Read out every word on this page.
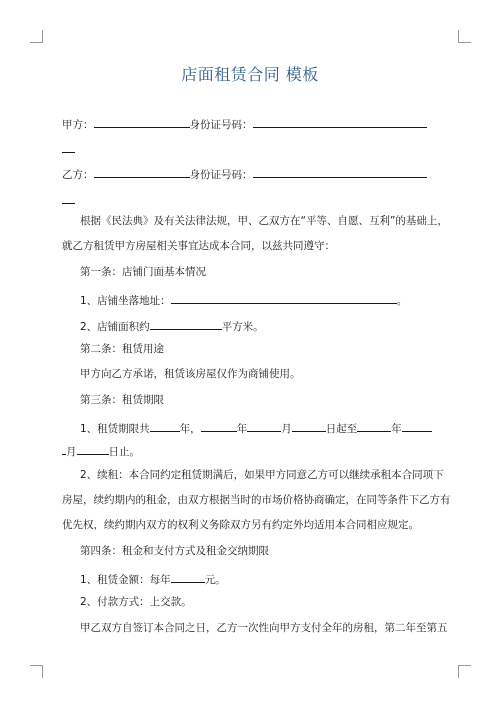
店面租赁合同 模板
甲方：	身份证号码：
乙方：	身份证号码：
根据《民法典》及有关法律法规，甲、乙双方在“平等、自愿、互利”的基础上，
就乙方租赁甲方房屋相关事宜达成本合同，以兹共同遵守：
第一条：店铺门面基本情况
1、店铺坐落地址：	。
2、店铺面积约	平方米。
第二条：租赁用途
甲方向乙方承诺，租赁该房屋仅作为商铺使用。
第三条：租赁期限
1、租赁期限共	年，	年	月	日起至	年
月	日止。
2、续租：本合同约定租赁期满后，如果甲方同意乙方可以继续承租本合同项下
房屋，续约期内的租金，由双方根据当时的市场价格协商确定，在同等条件下乙方有
优先权，续约期内双方的权利义务除双方另有约定外均适用本合同相应规定。
第四条：租金和支付方式及租金交纳期限
1、租赁金额：每年	元。
2、付款方式：上交款。
甲乙双方自签订本合同之日，乙方一次性向甲方支付全年的房租，第二年至第五
